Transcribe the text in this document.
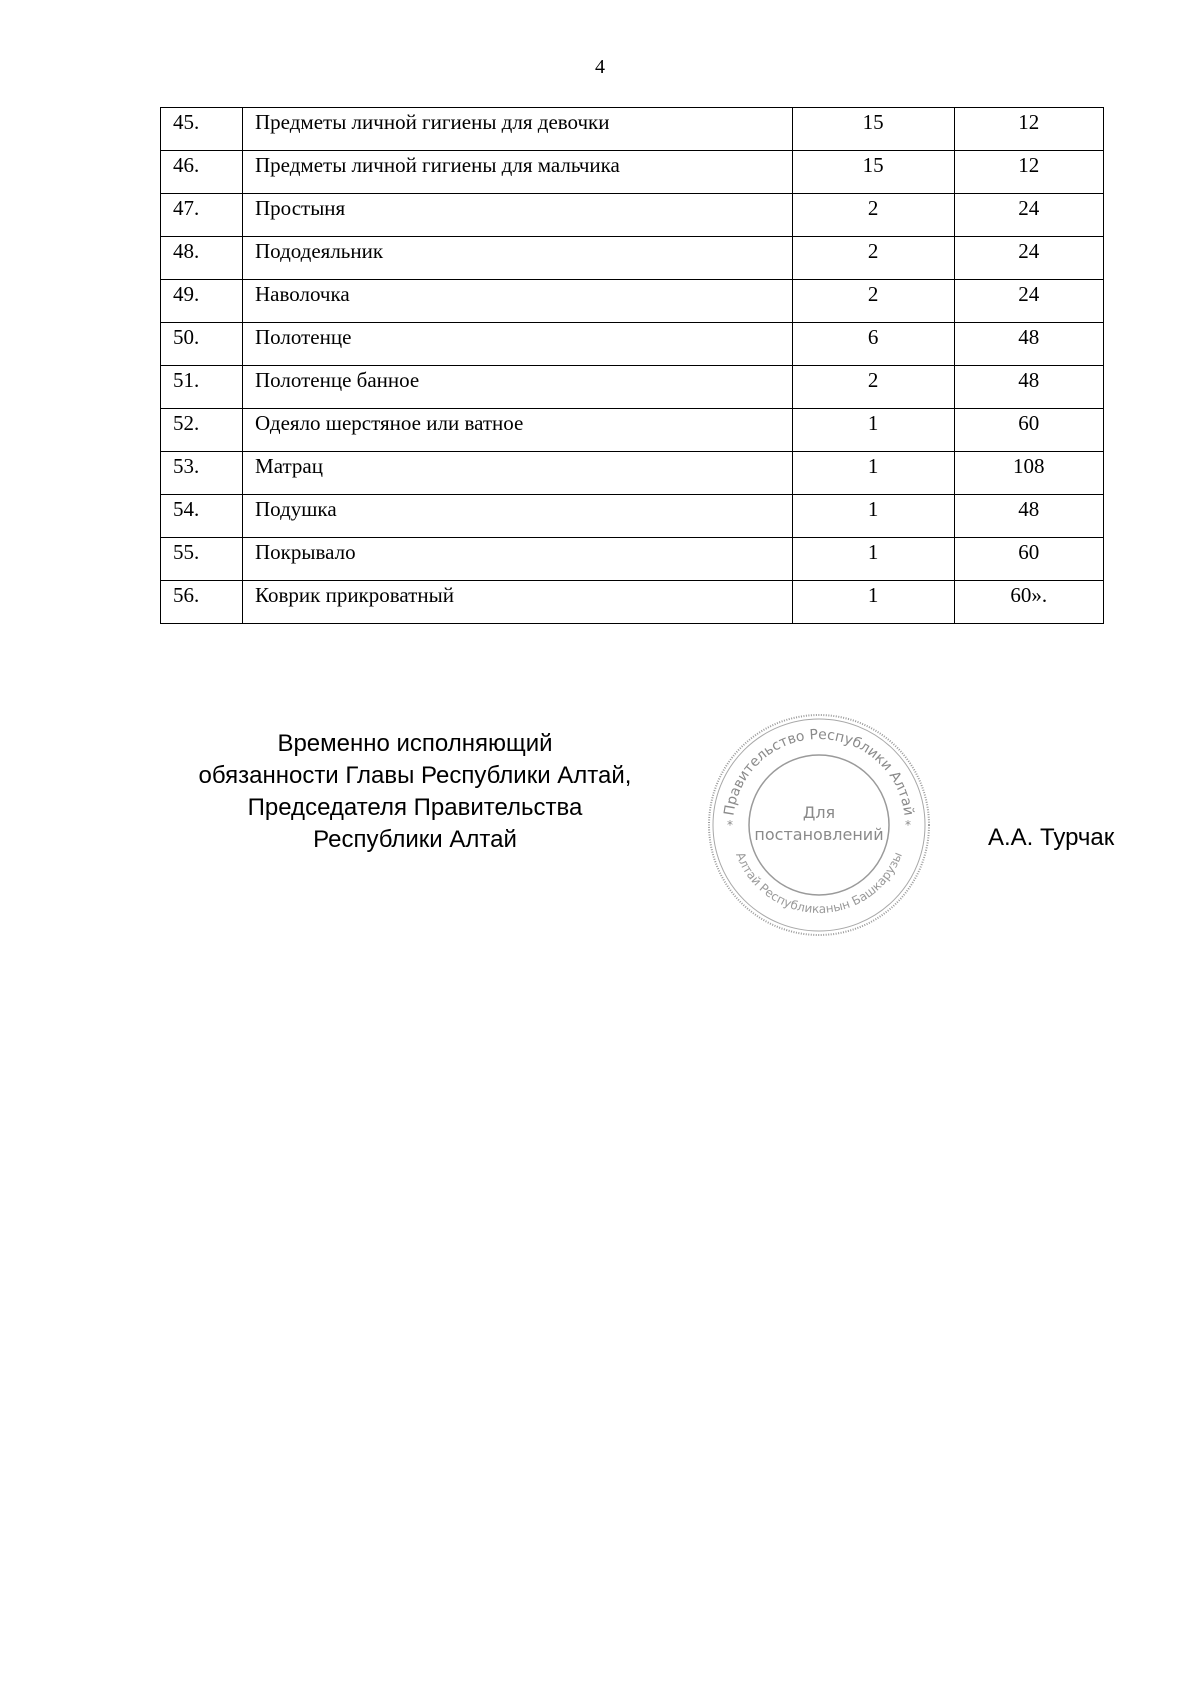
4
45.	Предметы личной гигиены для девочки	15	12
46.	Предметы личной гигиены для мальчика	15	12
47.	Простыня	2	24
48.	Пододеяльник	2	24
49.	Наволочка	2	24
50.	Полотенце	6	48
51.	Полотенце банное	2	48
52.	Одеяло шерстяное или ватное	1	60
53.	Матрац	1	108
54.	Подушка	1	48
55.	Покрывало	1	60
56.	Коврик прикроватный	1	60».
Временно исполняющий
обязанности Главы Республики Алтай,
Председателя Правительства
Республики Алтай
Правительство Республики Алтай
Алтай Республиканын Башкарузы
*	*
Для
постановлений	А.А. Турчак
